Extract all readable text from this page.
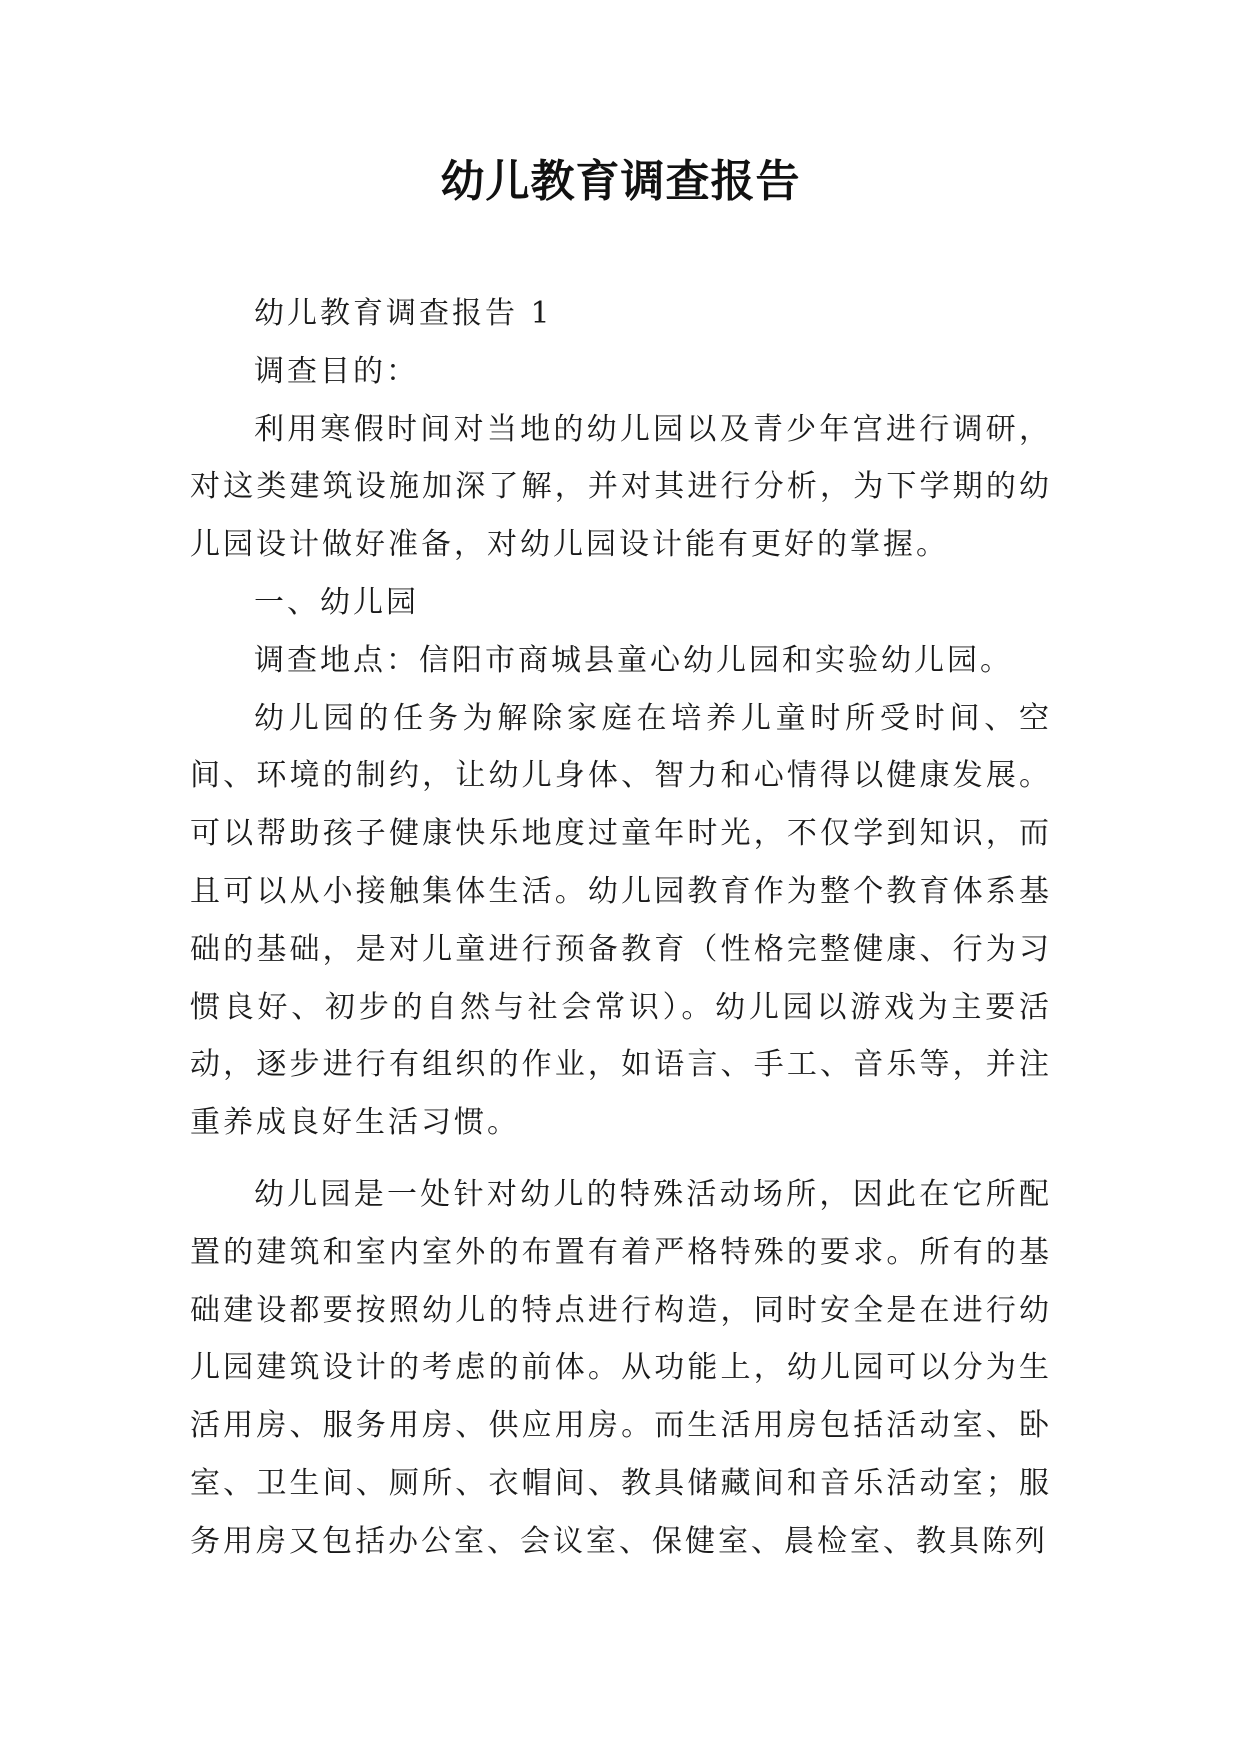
幼儿教育调查报告

幼儿教育调查报告 1

调查目的：

利用寒假时间对当地的幼儿园以及青少年宫进行调研，对这类建筑设施加深了解，并对其进行分析，为下学期的幼儿园设计做好准备，对幼儿园设计能有更好的掌握。

一、幼儿园

调查地点：信阳市商城县童心幼儿园和实验幼儿园。

幼儿园的任务为解除家庭在培养儿童时所受时间、空间、环境的制约，让幼儿身体、智力和心情得以健康发展。可以帮助孩子健康快乐地度过童年时光，不仅学到知识，而且可以从小接触集体生活。幼儿园教育作为整个教育体系基础的基础，是对儿童进行预备教育（性格完整健康、行为习惯良好、初步的自然与社会常识）。幼儿园以游戏为主要活动，逐步进行有组织的作业，如语言、手工、音乐等，并注重养成良好生活习惯。

幼儿园是一处针对幼儿的特殊活动场所，因此在它所配置的建筑和室内室外的布置有着严格特殊的要求。所有的基础建设都要按照幼儿的特点进行构造，同时安全是在进行幼儿园建筑设计的考虑的前体。从功能上，幼儿园可以分为生活用房、服务用房、供应用房。而生活用房包括活动室、卧室、卫生间、厕所、衣帽间、教具储藏间和音乐活动室；服务用房又包括办公室、会议室、保健室、晨检室、教具陈列
